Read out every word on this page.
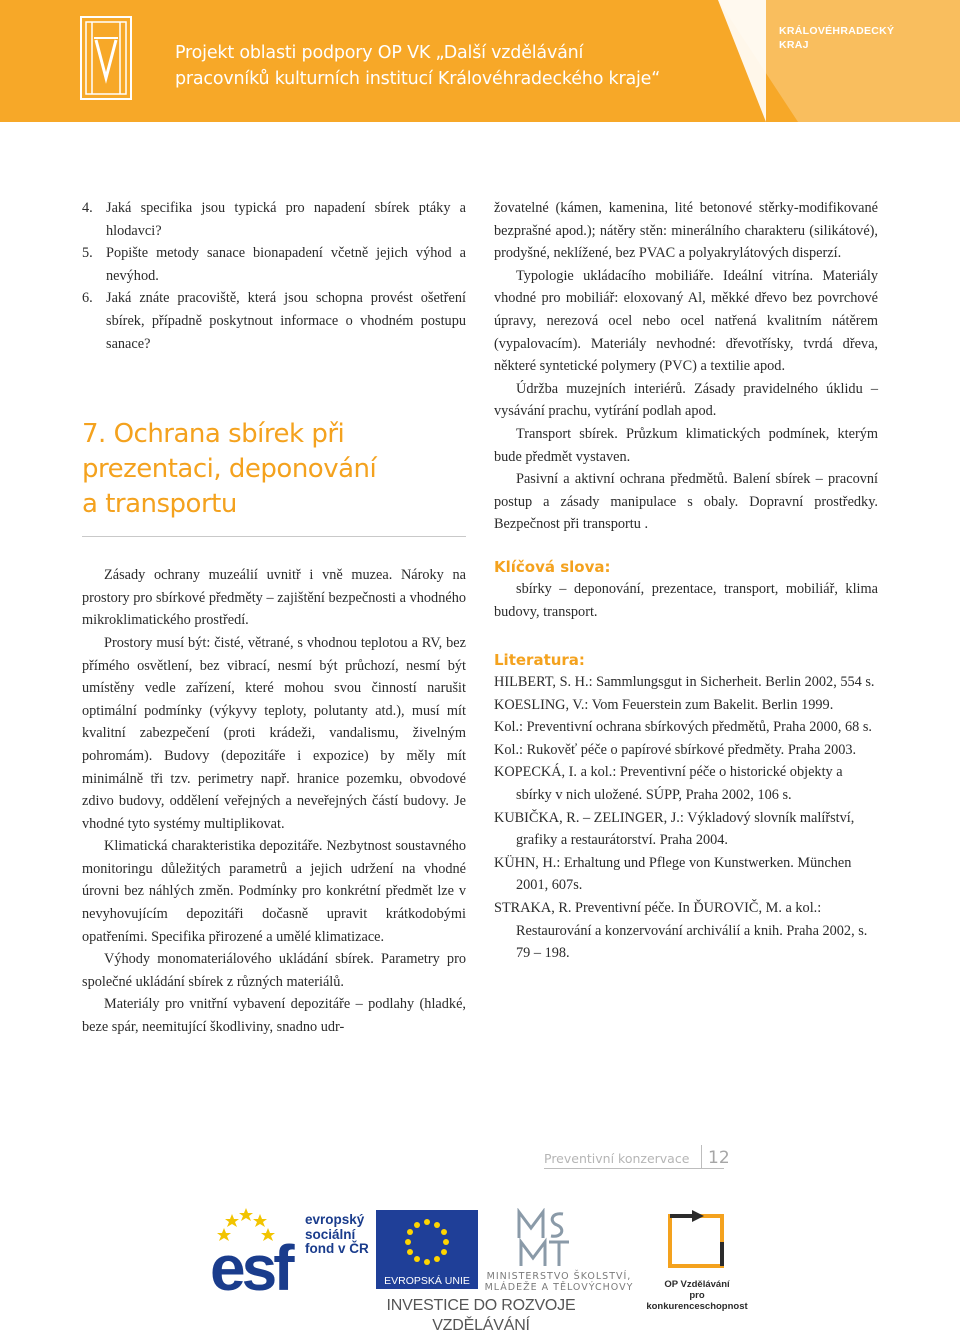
Projekt oblasti podpory OP VK „Další vzdělávání
pracovníků kulturních institucí Královéhradeckého kraje“
KRÁLOVÉHRADECKÝ
KRAJ
4. Jaká specifika jsou typická pro napadení sbírek ptáky a hlodavci?
5. Popište metody sanace bionapadení včetně jejich výhod a nevýhod.
6. Jaká znáte pracoviště, která jsou schopna provést ošetření sbírek, případně poskytnout informace o vhodném postupu sanace?
7. Ochrana sbírek při
prezentaci, deponování
a transportu

Zásady ochrany muzeálií uvnitř i vně muzea. Nároky na prostory pro sbírkové předměty – zajištění bezpečnosti a vhodného mikroklimatického prostředí.

Prostory musí být: čisté, větrané, s vhodnou teplotou a RV, bez přímého osvětlení, bez vibrací, nesmí být průchozí, nesmí být umístěny vedle zařízení, které mohou svou činností narušit optimální podmínky (výkyvy teploty, polutanty atd.), musí mít kvalitní zabezpečení (proti krádeži, vandalismu, živelným pohromám). Budovy (depozitáře i expozice) by měly mít minimálně tři tzv. perimetry např. hranice pozemku, obvodové zdivo budovy, oddělení veřejných a neveřejných částí budovy. Je vhodné tyto systémy multiplikovat.

Klimatická charakteristika depozitáře. Nezbytnost soustavného monitoringu důležitých parametrů a jejich udržení na vhodné úrovni bez náhlých změn. Podmínky pro konkrétní předmět lze v nevyhovujícím depozitáři dočasně upravit krátkodobými opatřeními. Specifika přirozené a umělé klimatizace.

Výhody monomateriálového ukládání sbírek. Parametry pro společné ukládání sbírek z různých materiálů.

Materiály pro vnitřní vybavení depozitáře – podlahy (hladké, beze spár, neemitující škodliviny, snadno udr-

žovatelné (kámen, kamenina, lité betonové stěrky-modifikované bezprašné apod.); nátěry stěn: minerálního charakteru (silikátové), prodyšné, neklížené, bez PVAC a polyakrylátových disperzí.

Typologie ukládacího mobiliáře. Ideální vitrína. Materiály vhodné pro mobiliář: eloxovaný Al, měkké dřevo bez povrchové úpravy, nerezová ocel nebo ocel natřená kvalitním nátěrem (vypalovacím). Materiály nevhodné: dřevotřísky, tvrdá dřeva, některé syntetické polymery (PVC) a textilie apod.

Údržba muzejních interiérů. Zásady pravidelného úklidu – vysávání prachu, vytírání podlah apod.

Transport sbírek. Průzkum klimatických podmínek, kterým bude předmět vystaven.

Pasivní a aktivní ochrana předmětů. Balení sbírek – pracovní postup a zásady manipulace s obaly. Dopravní prostředky. Bezpečnost při transportu .

Klíčová slova:

sbírky – deponování, prezentace, transport, mobiliář, klima budovy, transport.

Literatura:

HILBERT, S. H.: Sammlungsgut in Sicherheit. Berlin 2002, 554 s.

KOESLING, V.: Vom Feuerstein zum Bakelit. Berlin 1999.

Kol.: Preventivní ochrana sbírkových předmětů, Praha 2000, 68 s.

Kol.: Rukověť péče o papírové sbírkové předměty. Praha 2003.

KOPECKÁ, I. a kol.: Preventivní péče o historické objekty a sbírky v nich uložené. SÚPP, Praha 2002, 106 s.

KUBIČKA, R. – ZELINGER, J.: Výkladový slovník malířství, grafiky a restaurátorství. Praha 2004.

KÜHN, H.: Erhaltung und Pflege von Kunstwerken. München 2001, 607s.

STRAKA, R. Preventivní péče. In ĎUROVIČ, M. a kol.: Restaurování a konzervování archiválií a knih. Praha 2002, s. 79 – 198.

Preventivní konzervace 12
esf
evropský
sociální
fond v ČR
EVROPSKÁ UNIE	MINISTERSTVO ŠKOLSTVÍ,
MLÁDEŽE A TĚLOVÝCHOVY	OP Vzdělávání
pro konkurenceschopnost
INVESTICE DO ROZVOJE VZDĚLÁVÁNÍ
